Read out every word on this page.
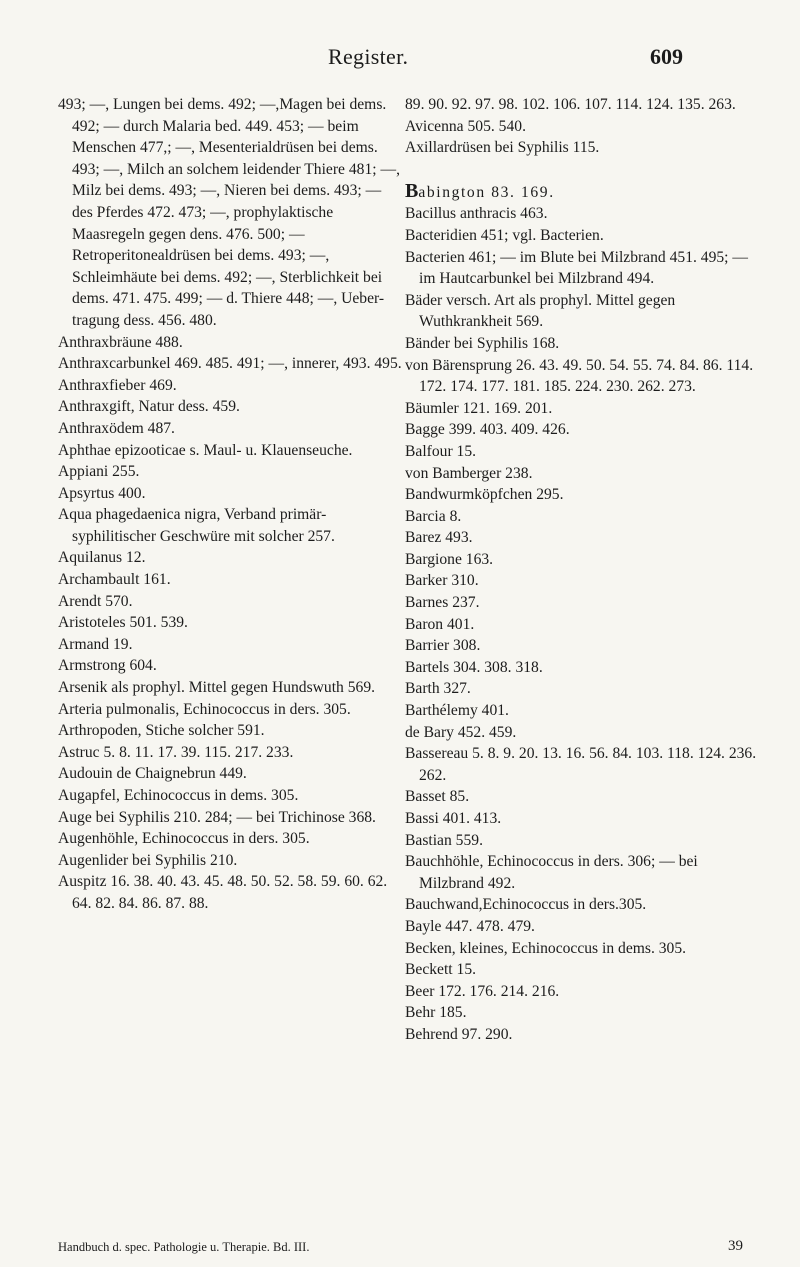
Register.	609

493; —, Lungen bei dems. 492; —,Magen bei dems. 492; — durch Malaria bed. 449. 453; — beim Menschen 477,; —, Mesenterialdrüsen bei dems. 493; —, Milch an solchem leidender Thiere 481; —, Milz bei dems. 493; —, Nieren bei dems. 493; — des Pferdes 472. 473; —, prophylaktische Maasregeln gegen dens. 476. 500; — Retroperitonealdrüsen bei dems. 493; —, Schleimhäute bei dems. 492; —, Sterblichkeit bei dems. 471. 475. 499; — d. Thiere 448; —, Ueber-tragung dess. 456. 480.

Anthraxbräune 488.

Anthraxcarbunkel 469. 485. 491; —, innerer, 493. 495.

Anthraxfieber 469.

Anthraxgift, Natur dess. 459.

Anthraxödem 487.

Aphthae epizooticae s. Maul- u. Klauenseuche.

Appiani 255.

Apsyrtus 400.

Aqua phagedaenica nigra, Verband primär-syphilitischer Geschwüre mit solcher 257.

Aquilanus 12.

Archambault 161.

Arendt 570.

Aristoteles 501. 539.

Armand 19.

Armstrong 604.

Arsenik als prophyl. Mittel gegen Hundswuth 569.

Arteria pulmonalis, Echinococcus in ders. 305.

Arthropoden, Stiche solcher 591.

Astruc 5. 8. 11. 17. 39. 115. 217. 233.

Audouin de Chaignebrun 449.

Augapfel, Echinococcus in dems. 305.

Auge bei Syphilis 210. 284; — bei Trichinose 368.

Augenhöhle, Echinococcus in ders. 305.

Augenlider bei Syphilis 210.

Auspitz 16. 38. 40. 43. 45. 48. 50. 52. 58. 59. 60. 62. 64. 82. 84. 86. 87. 88.

89. 90. 92. 97. 98. 102. 106. 107. 114. 124. 135. 263.

Avicenna 505. 540.

Axillardrüsen bei Syphilis 115.

Babington 83. 169.

Bacillus anthracis 463.

Bacteridien 451; vgl. Bacterien.

Bacterien 461; — im Blute bei Milzbrand 451. 495; — im Hautcarbunkel bei Milzbrand 494.

Bäder versch. Art als prophyl. Mittel gegen Wuthkrankheit 569.

Bänder bei Syphilis 168.

von Bärensprung 26. 43. 49. 50. 54. 55. 74. 84. 86. 114. 172. 174. 177. 181. 185. 224. 230. 262. 273.

Bäumler 121. 169. 201.

Bagge 399. 403. 409. 426.

Balfour 15.

von Bamberger 238.

Bandwurmköpfchen 295.

Barcia 8.

Barez 493.

Bargione 163.

Barker 310.

Barnes 237.

Baron 401.

Barrier 308.

Bartels 304. 308. 318.

Barth 327.

Barthélemy 401.

de Bary 452. 459.

Bassereau 5. 8. 9. 20. 13. 16. 56. 84. 103. 118. 124. 236. 262.

Basset 85.

Bassi 401. 413.

Bastian 559.

Bauchhöhle, Echinococcus in ders. 306; — bei Milzbrand 492.

Bauchwand,Echinococcus in ders.305.

Bayle 447. 478. 479.

Becken, kleines, Echinococcus in dems. 305.

Beckett 15.

Beer 172. 176. 214. 216.

Behr 185.

Behrend 97. 290.

Handbuch d. spec. Pathologie u. Therapie. Bd. III.	39
